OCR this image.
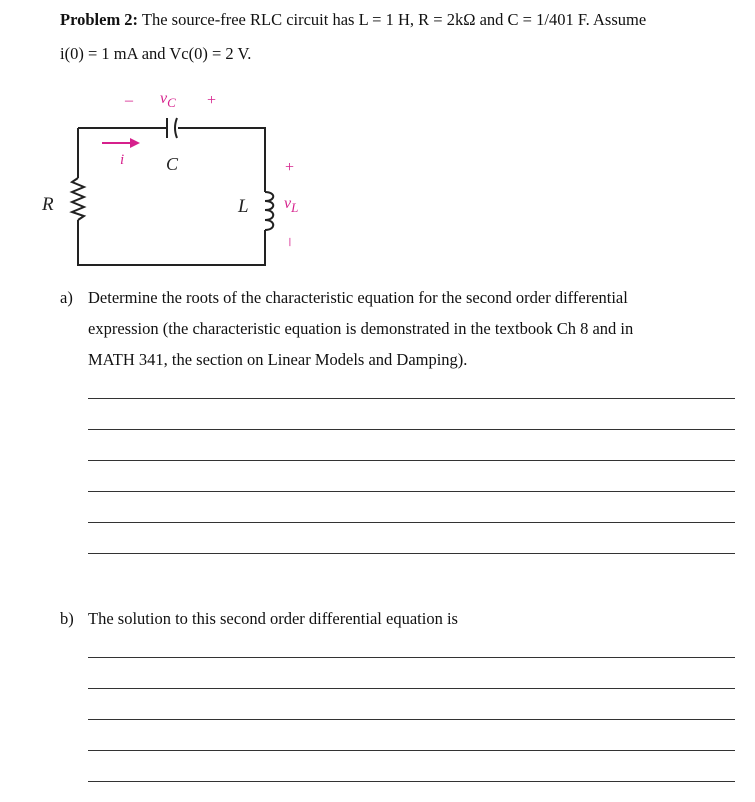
Problem 2: The source-free RLC circuit has L = 1 H, R = 2kΩ and C = 1/401 F. Assume
i(0) = 1 mA and Vc(0) = 2 V.
– $v_C$ +
C
i
R	L
+
$v_L$
–
a) Determine the roots of the characteristic equation for the second order differential
expression (the characteristic equation is demonstrated in the textbook Ch 8 and in
MATH 341, the section on Linear Models and Damping).
b) The solution to this second order differential equation is
